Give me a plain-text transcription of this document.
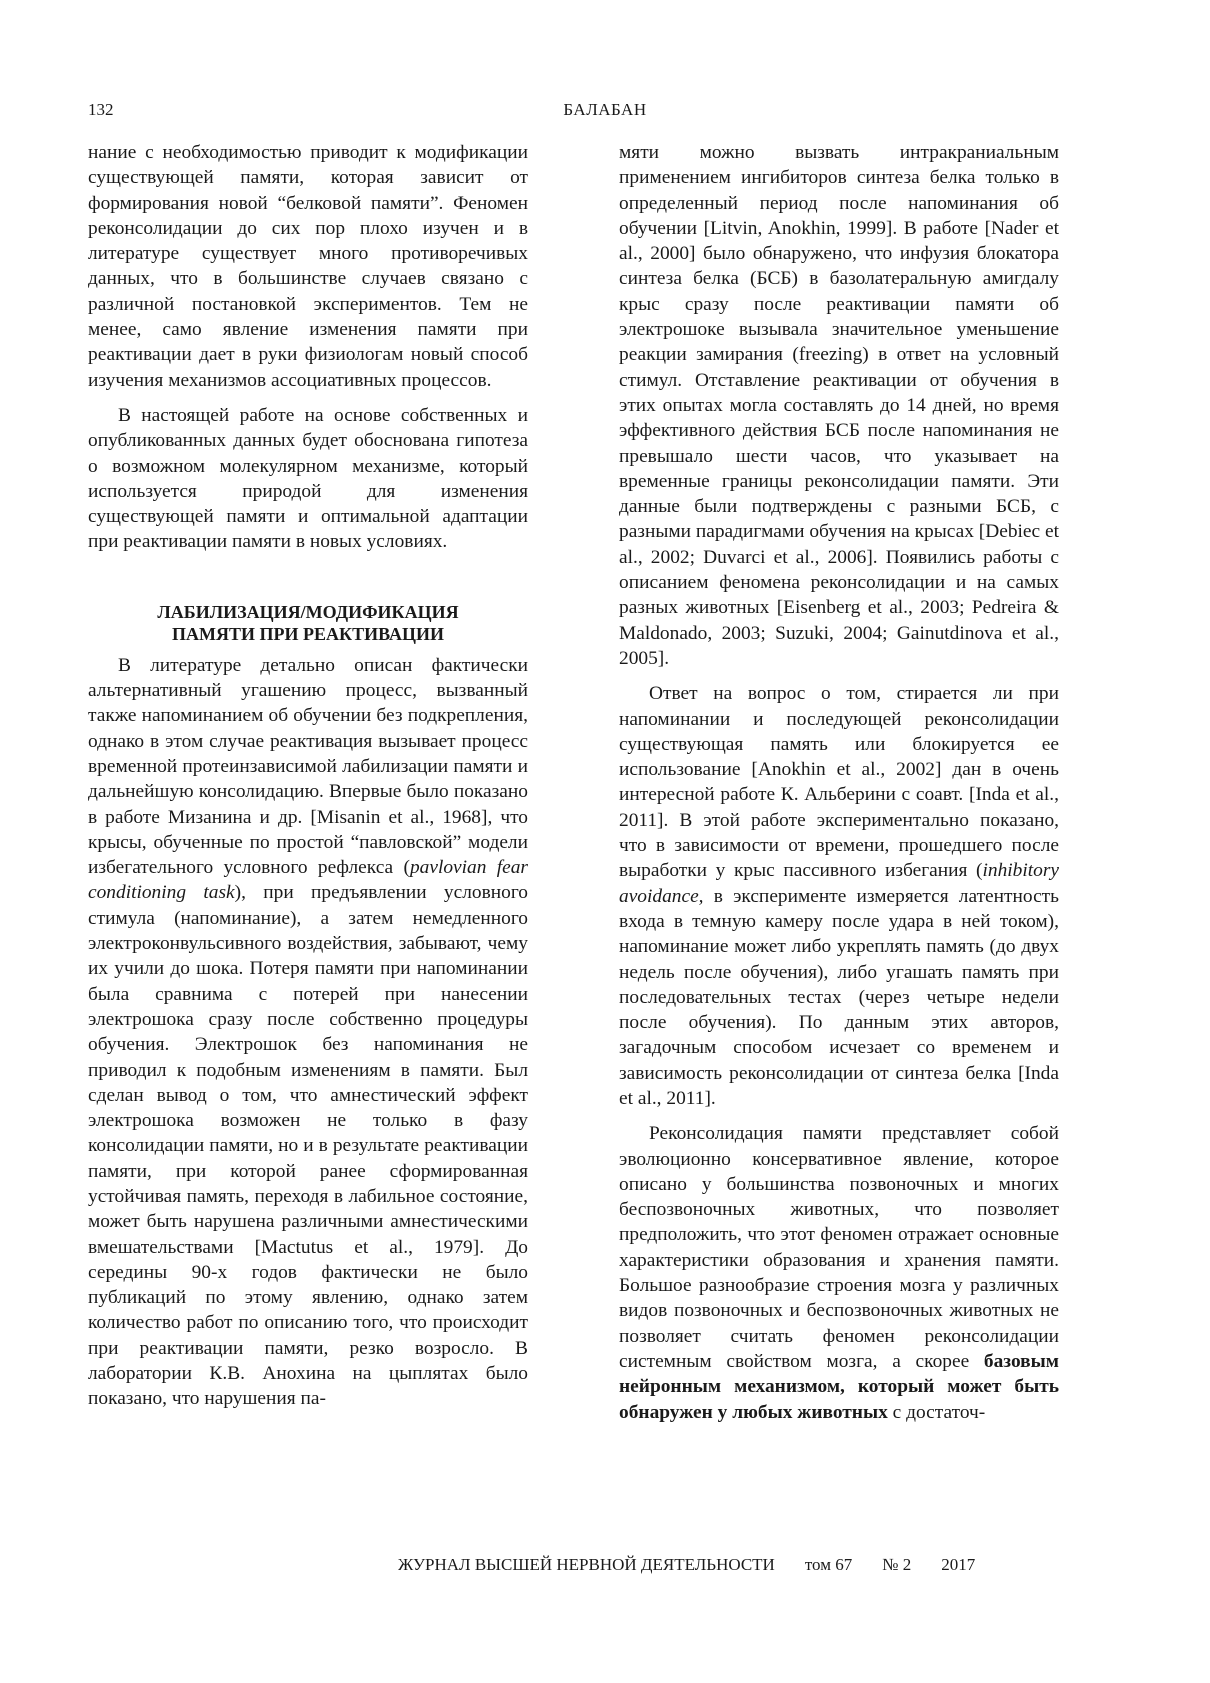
132	БАЛАБАН

нание с необходимостью приводит к модификации существующей памяти, которая зависит от формирования новой “белковой памяти”. Феномен реконсолидации до сих пор плохо изучен и в литературе существует много противоречивых данных, что в большинстве случаев связано с различной постановкой экспериментов. Тем не менее, само явление изменения памяти при реактивации дает в руки физиологам новый способ изучения механизмов ассоциативных процессов.

В настоящей работе на основе собственных и опубликованных данных будет обоснована гипотеза о возможном молекулярном механизме, который используется природой для изменения существующей памяти и оптимальной адаптации при реактивации памяти в новых условиях.

ЛАБИЛИЗАЦИЯ/МОДИФИКАЦИЯ
ПАМЯТИ ПРИ РЕАКТИВАЦИИ

В литературе детально описан фактически альтернативный угашению процесс, вызванный также напоминанием об обучении без подкрепления, однако в этом случае реактивация вызывает процесс временной протеинзависимой лабилизации памяти и дальнейшую консолидацию. Впервые было показано в работе Мизанина и др. [Misanin et al., 1968], что крысы, обученные по простой “павловской” модели избегательного условного рефлекса (pavlovian fear conditioning task), при предъявлении условного стимула (напоминание), а затем немедленного электроконвульсивного воздействия, забывают, чему их учили до шока. Потеря памяти при напоминании была сравнима с потерей при нанесении электрошока сразу после собственно процедуры обучения. Электрошок без напоминания не приводил к подобным изменениям в памяти. Был сделан вывод о том, что амнестический эффект электрошока возможен не только в фазу консолидации памяти, но и в результате реактивации памяти, при которой ранее сформированная устойчивая память, переходя в лабильное состояние, может быть нарушена различными амнестическими вмешательствами [Mactutus et al., 1979]. До середины 90-х годов фактически не было публикаций по этому явлению, однако затем количество работ по описанию того, что происходит при реактивации памяти, резко возросло. В лаборатории К.В. Анохина на цыплятах было показано, что нарушения па-

мяти можно вызвать интракраниальным применением ингибиторов синтеза белка только в определенный период после напоминания об обучении [Litvin, Anokhin, 1999]. В работе [Nader et al., 2000] было обнаружено, что инфузия блокатора синтеза белка (БСБ) в базолатеральную амигдалу крыс сразу после реактивации памяти об электрошоке вызывала значительное уменьшение реакции замирания (freezing) в ответ на условный стимул. Отставление реактивации от обучения в этих опытах могла составлять до 14 дней, но время эффективного действия БСБ после напоминания не превышало шести часов, что указывает на временные границы реконсолидации памяти. Эти данные были подтверждены с разными БСБ, с разными парадигмами обучения на крысах [Debiec et al., 2002; Duvarci et al., 2006]. Появились работы с описанием феномена реконсолидации и на самых разных животных [Eisenberg et al., 2003; Pedreira & Maldonado, 2003; Suzuki, 2004; Gainutdinova et al., 2005].

Ответ на вопрос о том, стирается ли при напоминании и последующей реконсолидации существующая память или блокируется ее использование [Anokhin et al., 2002] дан в очень интересной работе К. Альберини с соавт. [Inda et al., 2011]. В этой работе экспериментально показано, что в зависимости от времени, прошедшего после выработки у крыс пассивного избегания (inhibitory avoidance, в эксперименте измеряется латентность входа в темную камеру после удара в ней током), напоминание может либо укреплять память (до двух недель после обучения), либо угашать память при последовательных тестах (через четыре недели после обучения). По данным этих авторов, загадочным способом исчезает со временем и зависимость реконсолидации от синтеза белка [Inda et al., 2011].

Реконсолидация памяти представляет собой эволюционно консервативное явление, которое описано у большинства позвоночных и многих беспозвоночных животных, что позволяет предположить, что этот феномен отражает основные характеристики образования и хранения памяти. Большое разнообразие строения мозга у различных видов позвоночных и беспозвоночных животных не позволяет считать феномен реконсолидации системным свойством мозга, а скорее базовым нейронным механизмом, который может быть обнаружен у любых животных с достаточ-

ЖУРНАЛ ВЫСШЕЙ НЕРВНОЙ ДЕЯТЕЛЬНОСТИ том 67 № 2 2017
